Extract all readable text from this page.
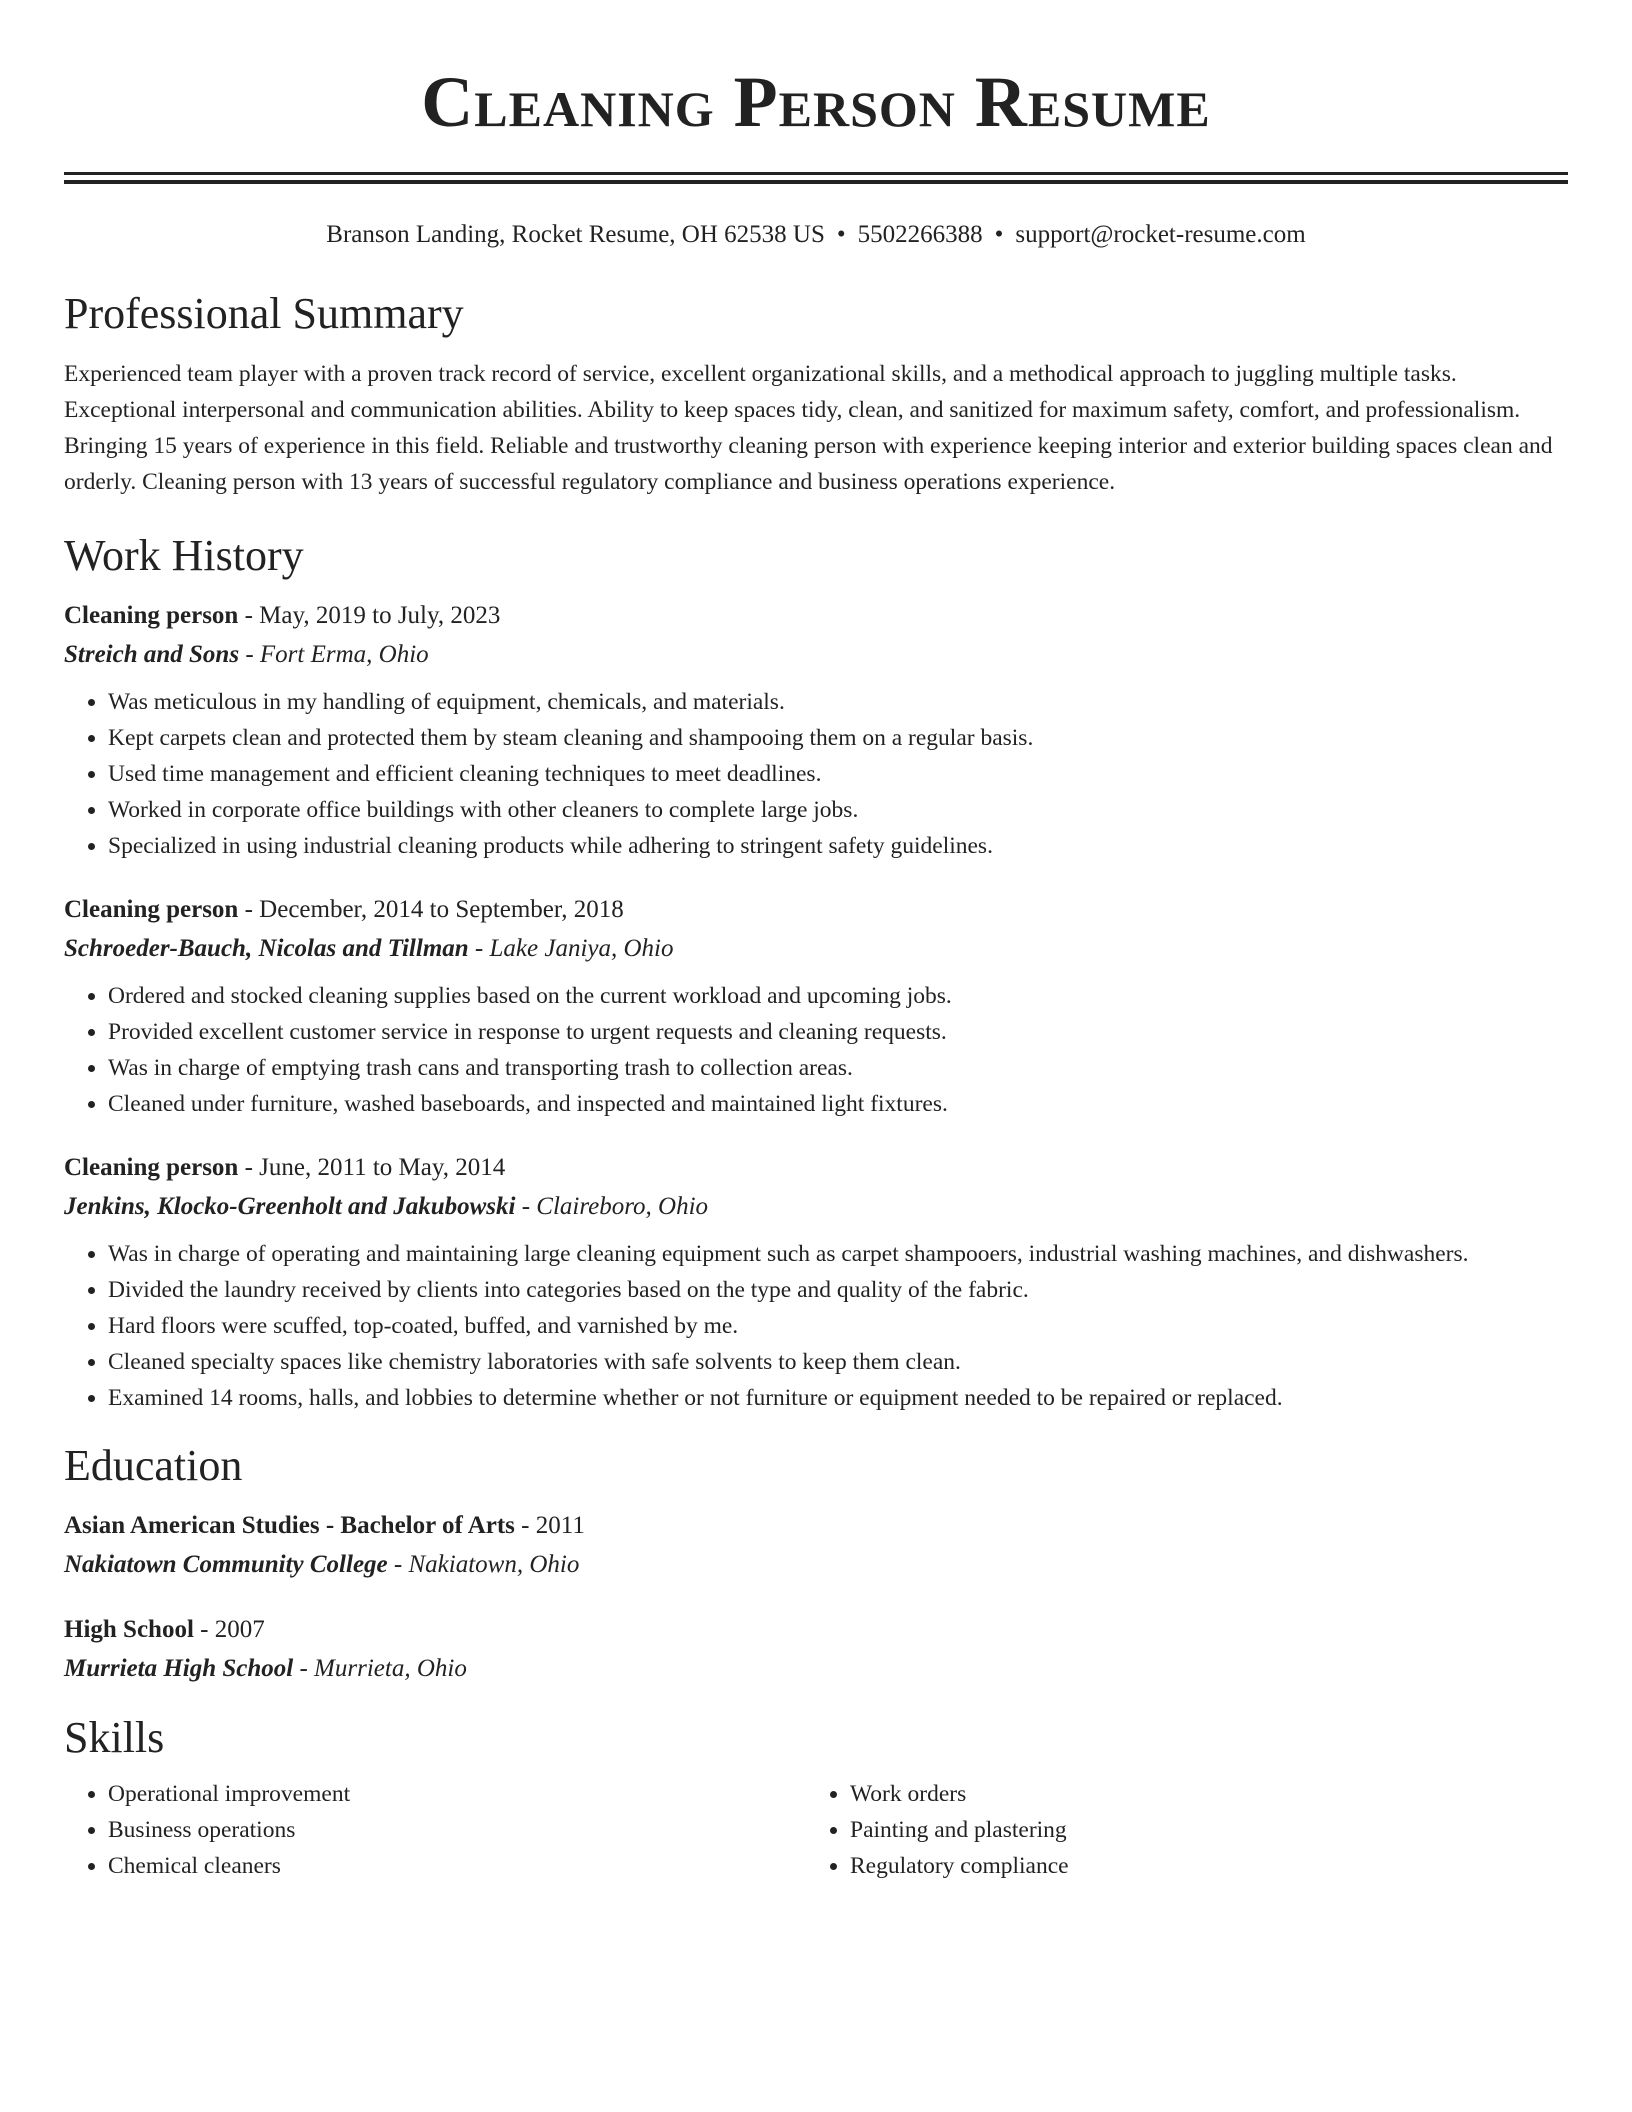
Cleaning Person Resume
Branson Landing, Rocket Resume, OH 62538 US • 5502266388 • support@rocket-resume.com
Professional Summary
Experienced team player with a proven track record of service, excellent organizational skills, and a methodical approach to juggling multiple tasks. Exceptional interpersonal and communication abilities. Ability to keep spaces tidy, clean, and sanitized for maximum safety, comfort, and professionalism. Bringing 15 years of experience in this field. Reliable and trustworthy cleaning person with experience keeping interior and exterior building spaces clean and orderly. Cleaning person with 13 years of successful regulatory compliance and business operations experience.
Work History
Cleaning person - May, 2019 to July, 2023
Streich and Sons - Fort Erma, Ohio
• Was meticulous in my handling of equipment, chemicals, and materials.
• Kept carpets clean and protected them by steam cleaning and shampooing them on a regular basis.
• Used time management and efficient cleaning techniques to meet deadlines.
• Worked in corporate office buildings with other cleaners to complete large jobs.
• Specialized in using industrial cleaning products while adhering to stringent safety guidelines.
Cleaning person - December, 2014 to September, 2018
Schroeder-Bauch, Nicolas and Tillman - Lake Janiya, Ohio
• Ordered and stocked cleaning supplies based on the current workload and upcoming jobs.
• Provided excellent customer service in response to urgent requests and cleaning requests.
• Was in charge of emptying trash cans and transporting trash to collection areas.
• Cleaned under furniture, washed baseboards, and inspected and maintained light fixtures.
Cleaning person - June, 2011 to May, 2014
Jenkins, Klocko-Greenholt and Jakubowski - Claireboro, Ohio
• Was in charge of operating and maintaining large cleaning equipment such as carpet shampooers, industrial washing machines, and dishwashers.
• Divided the laundry received by clients into categories based on the type and quality of the fabric.
• Hard floors were scuffed, top-coated, buffed, and varnished by me.
• Cleaned specialty spaces like chemistry laboratories with safe solvents to keep them clean.
• Examined 14 rooms, halls, and lobbies to determine whether or not furniture or equipment needed to be repaired or replaced.
Education
Asian American Studies - Bachelor of Arts - 2011
Nakiatown Community College - Nakiatown, Ohio
High School - 2007
Murrieta High School - Murrieta, Ohio
Skills
• Operational improvement
• Business operations
• Chemical cleaners
• Work orders
• Painting and plastering
• Regulatory compliance
